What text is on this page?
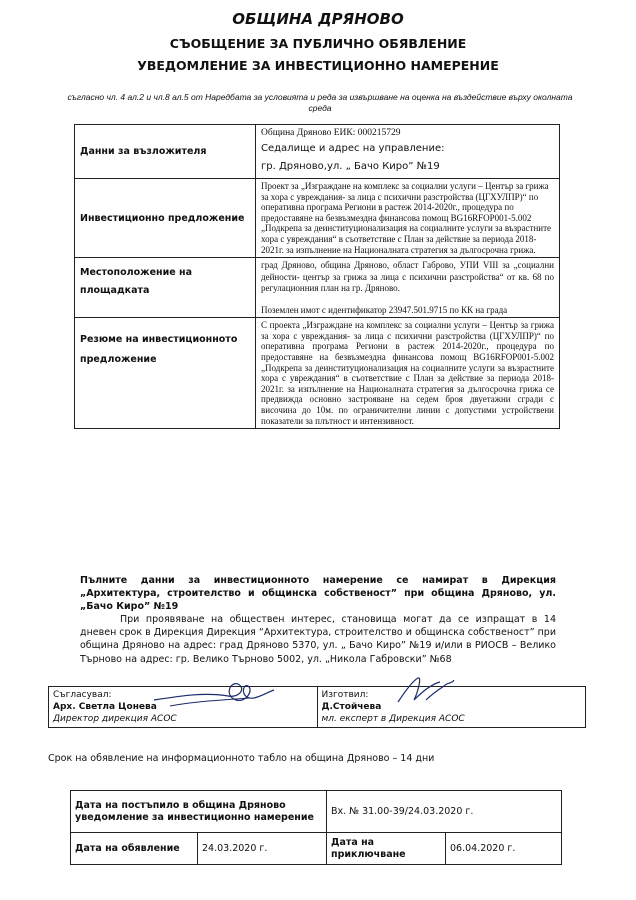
ОБЩИНА ДРЯНОВО
СЪОБЩЕНИЕ ЗА ПУБЛИЧНО ОБЯВЛЕНИЕ
УВЕДОМЛЕНИЕ ЗА ИНВЕСТИЦИОННО НАМЕРЕНИЕ
съгласно чл. 4 ал.2 и чл.8 ал.5 от Наредбата за условията и реда за извършване на оценка на въздействие върху околната среда
Данни за възложителя	Община Дряново ЕИК: 000215729
Седалище и адрес на управление:
гр. Дряново,ул. „ Бачо Киро” №19

Инвестиционно предложение	Проект за „Изграждане на комплекс за социални услуги – Център за грижа за хора с увреждания- за лица с психични разстройства (ЦГХУЛПР)“ по оперативна програма Региони в растеж 2014-2020г., процедура по предоставяне на безвъзмездна финансова помощ BG16RFOP001-5.002 „Подкрепа за деинституционализация на социалните услуги за възрастните хора с увреждания“ в съответствие с План за действие за периода 2018-2021г. за изпълнение на Националната стратегия за дългосрочна грижа.
Местоположение на площадката	град Дряново, община Дряново, област Габрово, УПИ VIII за „социални дейности- център за грижа за лица с психични разстройства“ от кв. 68 по регулационния план на гр. Дряново.
Поземлен имот с идентификатор 23947.501.9715 по КК на града

Резюме на инвестиционното предложение	С проекта „Изграждане на комплекс за социални услуги – Център за грижа за хора с увреждания- за лица с психични разстройства (ЦГХУЛПР)“ по оперативна програма Региони в растеж 2014-2020г., процедура по предоставяне на безвъзмездна финансова помощ BG16RFOP001-5.002 „Подкрепа за деинституционализация на социалните услуги за възрастните хора с увреждания“ в съответствие с План за действие за периода 2018-2021г. за изпълнение на Националната стратегия за дългосрочна грижа се предвижда основно застрояване на седем броя двуетажни сгради с височина до 10м. по ограничителни линии с допустими устройствени показатели за плътност и интензивност.
Пълните данни за инвестиционното намерение се намират в Дирекция „Архитектура, строителство и общинска собственост” при община Дряново, ул. „Бачо Киро” №19
При проявяване на обществен интерес, становища могат да се изпращат в 14 дневен срок в Дирекция Дирекция “Архитектура, строителство и общинска собственост” при община Дряново на адрес: град Дряново 5370, ул. „ Бачо Киро” №19 и/или в РИОСВ – Велико Търново на адрес: гр. Велико Търново 5002, ул. „Никола Габровски” №68
Съгласувал:
Арх. Светла Цонева
Директор дирекция АСОС

Изготвил:
Д.Стойчева
мл. експерт в Дирекция АСОС
Срок на обявление на информационното табло на община Дряново – 14 дни
Дата на постъпило в община Дряново уведомление за инвестиционно намерение		Вх. № 31.00-39/24.03.2020 г.	
Дата на обявление	24.03.2020 г.	Дата на приключване	06.04.2020 г.
